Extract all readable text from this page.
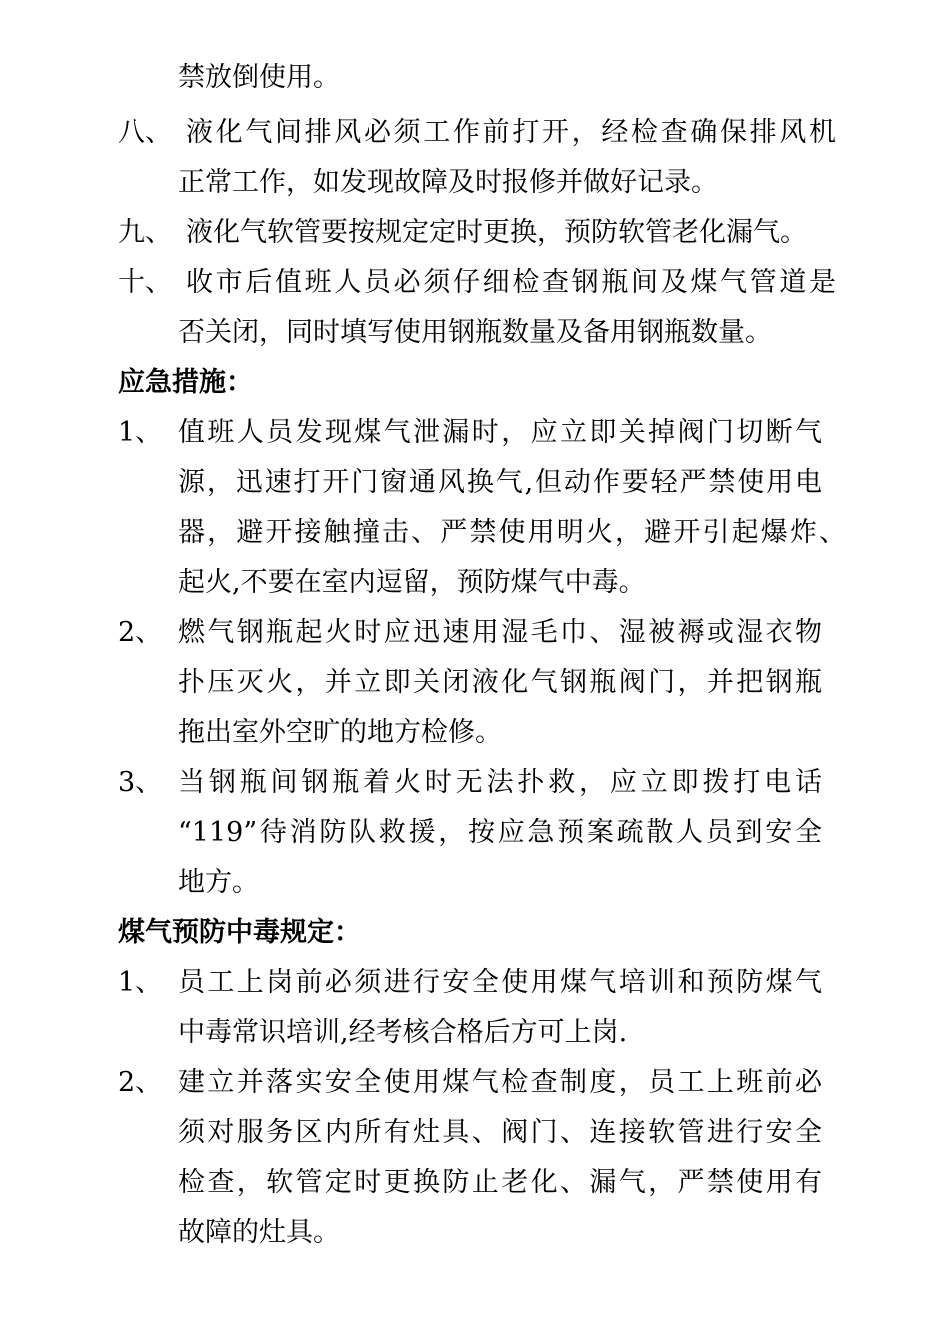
禁放倒使用。
八、 液化气间排风必须工作前打开，经检查确保排风机
正常工作，如发现故障及时报修并做好记录。
九、 液化气软管要按规定定时更换，预防软管老化漏气。
十、 收市后值班人员必须仔细检查钢瓶间及煤气管道是
否关闭，同时填写使用钢瓶数量及备用钢瓶数量。
应急措施：
1、 值班人员发现煤气泄漏时，应立即关掉阀门切断气
源，迅速打开门窗通风换气,但动作要轻严禁使用电
器，避开接触撞击、严禁使用明火，避开引起爆炸、
起火,不要在室内逗留，预防煤气中毒。
2、 燃气钢瓶起火时应迅速用湿毛巾、湿被褥或湿衣物
扑压灭火，并立即关闭液化气钢瓶阀门，并把钢瓶
拖出室外空旷的地方检修。
3、 当钢瓶间钢瓶着火时无法扑救，应立即拨打电话
“119”待消防队救援，按应急预案疏散人员到安全
地方。
煤气预防中毒规定：
1、 员工上岗前必须进行安全使用煤气培训和预防煤气
中毒常识培训,经考核合格后方可上岗.
2、 建立并落实安全使用煤气检查制度，员工上班前必
须对服务区内所有灶具、阀门、连接软管进行安全
检查，软管定时更换防止老化、漏气，严禁使用有
故障的灶具。
